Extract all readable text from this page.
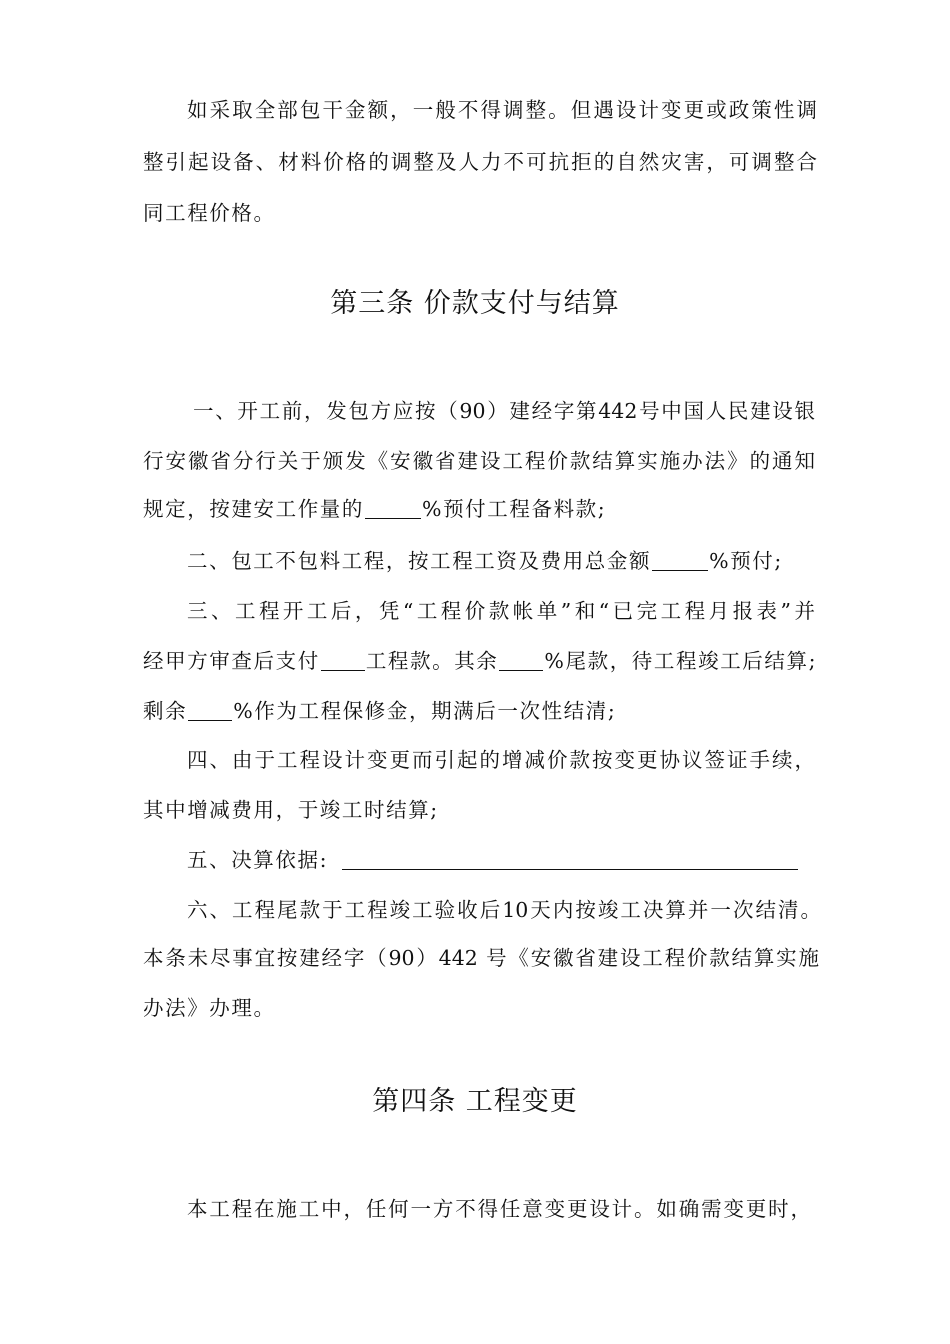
如采取全部包干金额，一般不得调整。但遇设计变更或政策性调
整引起设备、材料价格的调整及人力不可抗拒的自然灾害，可调整合
同工程价格。
第三条 价款支付与结算
一、开工前，发包方应按（90）建经字第442号中国人民建设银
行安徽省分行关于颁发《安徽省建设工程价款结算实施办法》的通知
规定，按建安工作量的	%预付工程备料款;
二、包工不包料工程，按工程工资及费用总金额	%预付;
三、工程开工后，凭“工程价款帐单”和“已完工程月报表”并
经甲方审查后支付 工程款。其余 %尾款，待工程竣工后结算;
剩余 %作为工程保修金，期满后一次性结清;
四、由于工程设计变更而引起的增减价款按变更协议签证手续，
其中增减费用，于竣工时结算;
五、决算依据:
六、工程尾款于工程竣工验收后10天内按竣工决算并一次结清。
本条未尽事宜按建经字（90）442 号《安徽省建设工程价款结算实施
办法》办理。
第四条 工程变更
本工程在施工中，任何一方不得任意变更设计。如确需变更时，
